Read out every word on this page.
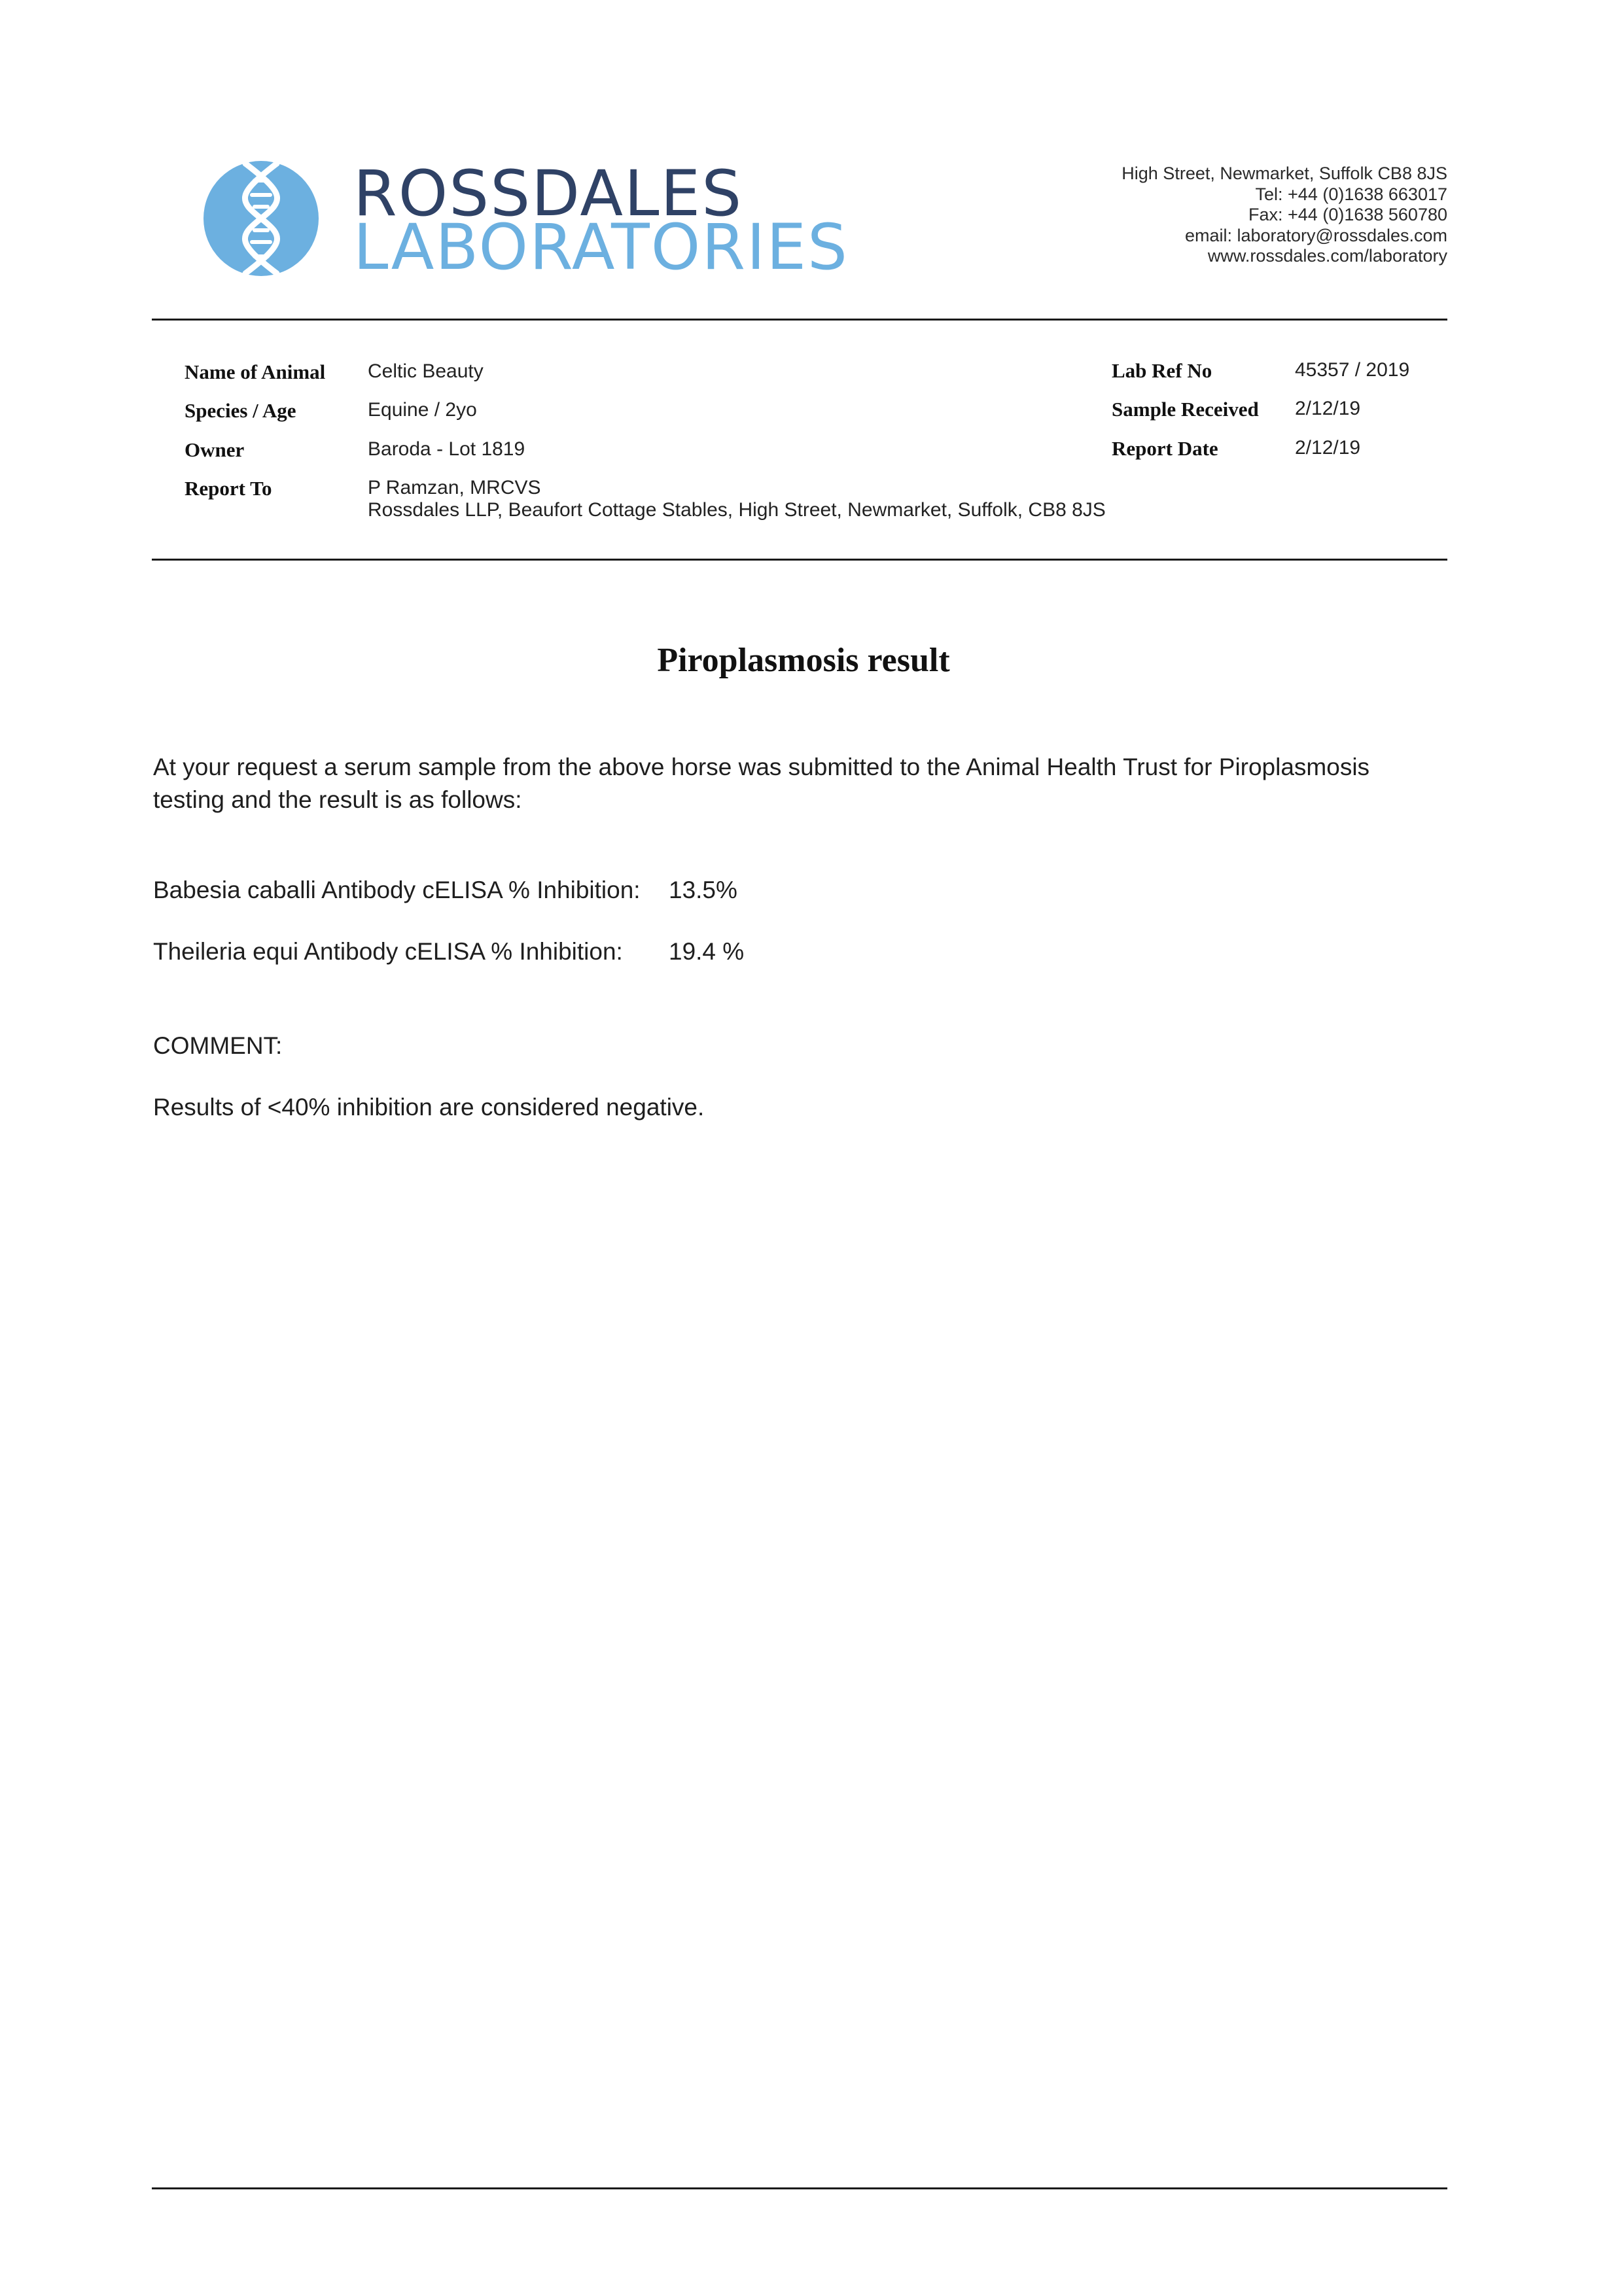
ROSSDALES
LABORATORIES
High Street, Newmarket, Suffolk CB8 8JS
Tel: +44 (0)1638 663017
Fax: +44 (0)1638 560780
email: laboratory@rossdales.com
www.rossdales.com/laboratory
Name of Animal Celtic Beauty
Species / Age	Equine / 2yo
Owner	Baroda - Lot 1819
Report To	P Ramzan, MRCVS
Rossdales LLP, Beaufort Cottage Stables, High Street, Newmarket, Suffolk, CB8 8JS
Lab Ref No	45357 / 2019
Sample Received 2/12/19
Report Date	2/12/19
Piroplasmosis result
At your request a serum sample from the above horse was submitted to the Animal Health Trust for Piroplasmosis testing and the result is as follows:
Babesia caballi Antibody cELISA % Inhibition: 13.5%
Theileria equi Antibody cELISA % Inhibition: 19.4 %
COMMENT:
Results of <40% inhibition are considered negative.
